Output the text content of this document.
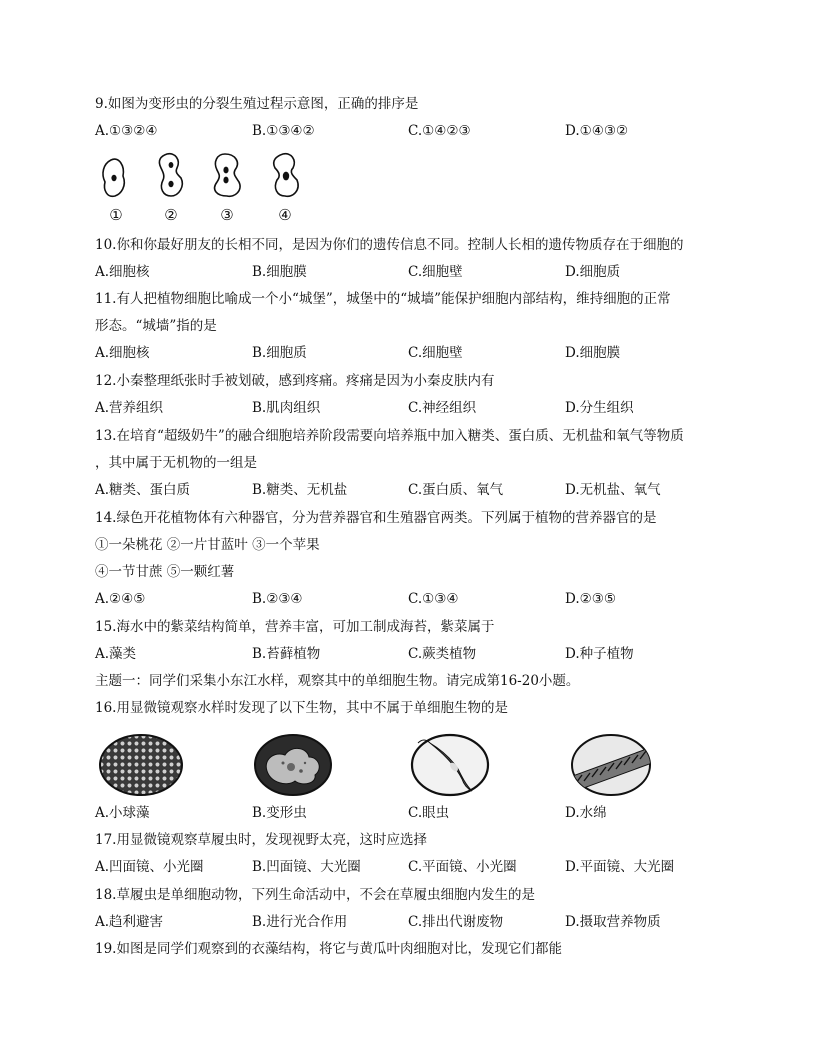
9.如图为变形虫的分裂生殖过程示意图，正确的排序是
A.①③②④	B.①③④②	C.①④②③	D.①④③②
①	②	③	④
10.你和你最好朋友的长相不同，是因为你们的遗传信息不同。控制人长相的遗传物质存在于细胞的
A.细胞核	B.细胞膜	C.细胞壁	D.细胞质
11.有人把植物细胞比喻成一个小“城堡”，城堡中的“城墙”能保护细胞内部结构，维持细胞的正常
形态。“城墙”指的是
A.细胞核	B.细胞质	C.细胞壁	D.细胞膜
12.小秦整理纸张时手被划破，感到疼痛。疼痛是因为小秦皮肤内有
A.营养组织	B.肌肉组织	C.神经组织	D.分生组织
13.在培育“超级奶牛”的融合细胞培养阶段需要向培养瓶中加入糖类、蛋白质、无机盐和氧气等物质
，其中属于无机物的一组是
A.糖类、蛋白质	B.糖类、无机盐	C.蛋白质、氧气	D.无机盐、氧气
14.绿色开花植物体有六种器官，分为营养器官和生殖器官两类。下列属于植物的营养器官的是
①一朵桃花 ②一片甘蓝叶 ③一个苹果
④一节甘蔗 ⑤一颗红薯
A.②④⑤	B.②③④	C.①③④	D.②③⑤
15.海水中的紫菜结构简单，营养丰富，可加工制成海苔，紫菜属于
A.藻类	B.苔藓植物	C.蕨类植物	D.种子植物
主题一：同学们采集小东江水样，观察其中的单细胞生物。请完成第16-20小题。
16.用显微镜观察水样时发现了以下生物，其中不属于单细胞生物的是
A.小球藻	B.变形虫	C.眼虫	D.水绵
17.用显微镜观察草履虫时，发现视野太亮，这时应选择
A.凹面镜、小光圈	B.凹面镜、大光圈	C.平面镜、小光圈	D.平面镜、大光圈
18.草履虫是单细胞动物，下列生命活动中，不会在草履虫细胞内发生的是
A.趋利避害	B.进行光合作用	C.排出代谢废物	D.摄取营养物质
19.如图是同学们观察到的衣藻结构，将它与黄瓜叶肉细胞对比，发现它们都能
